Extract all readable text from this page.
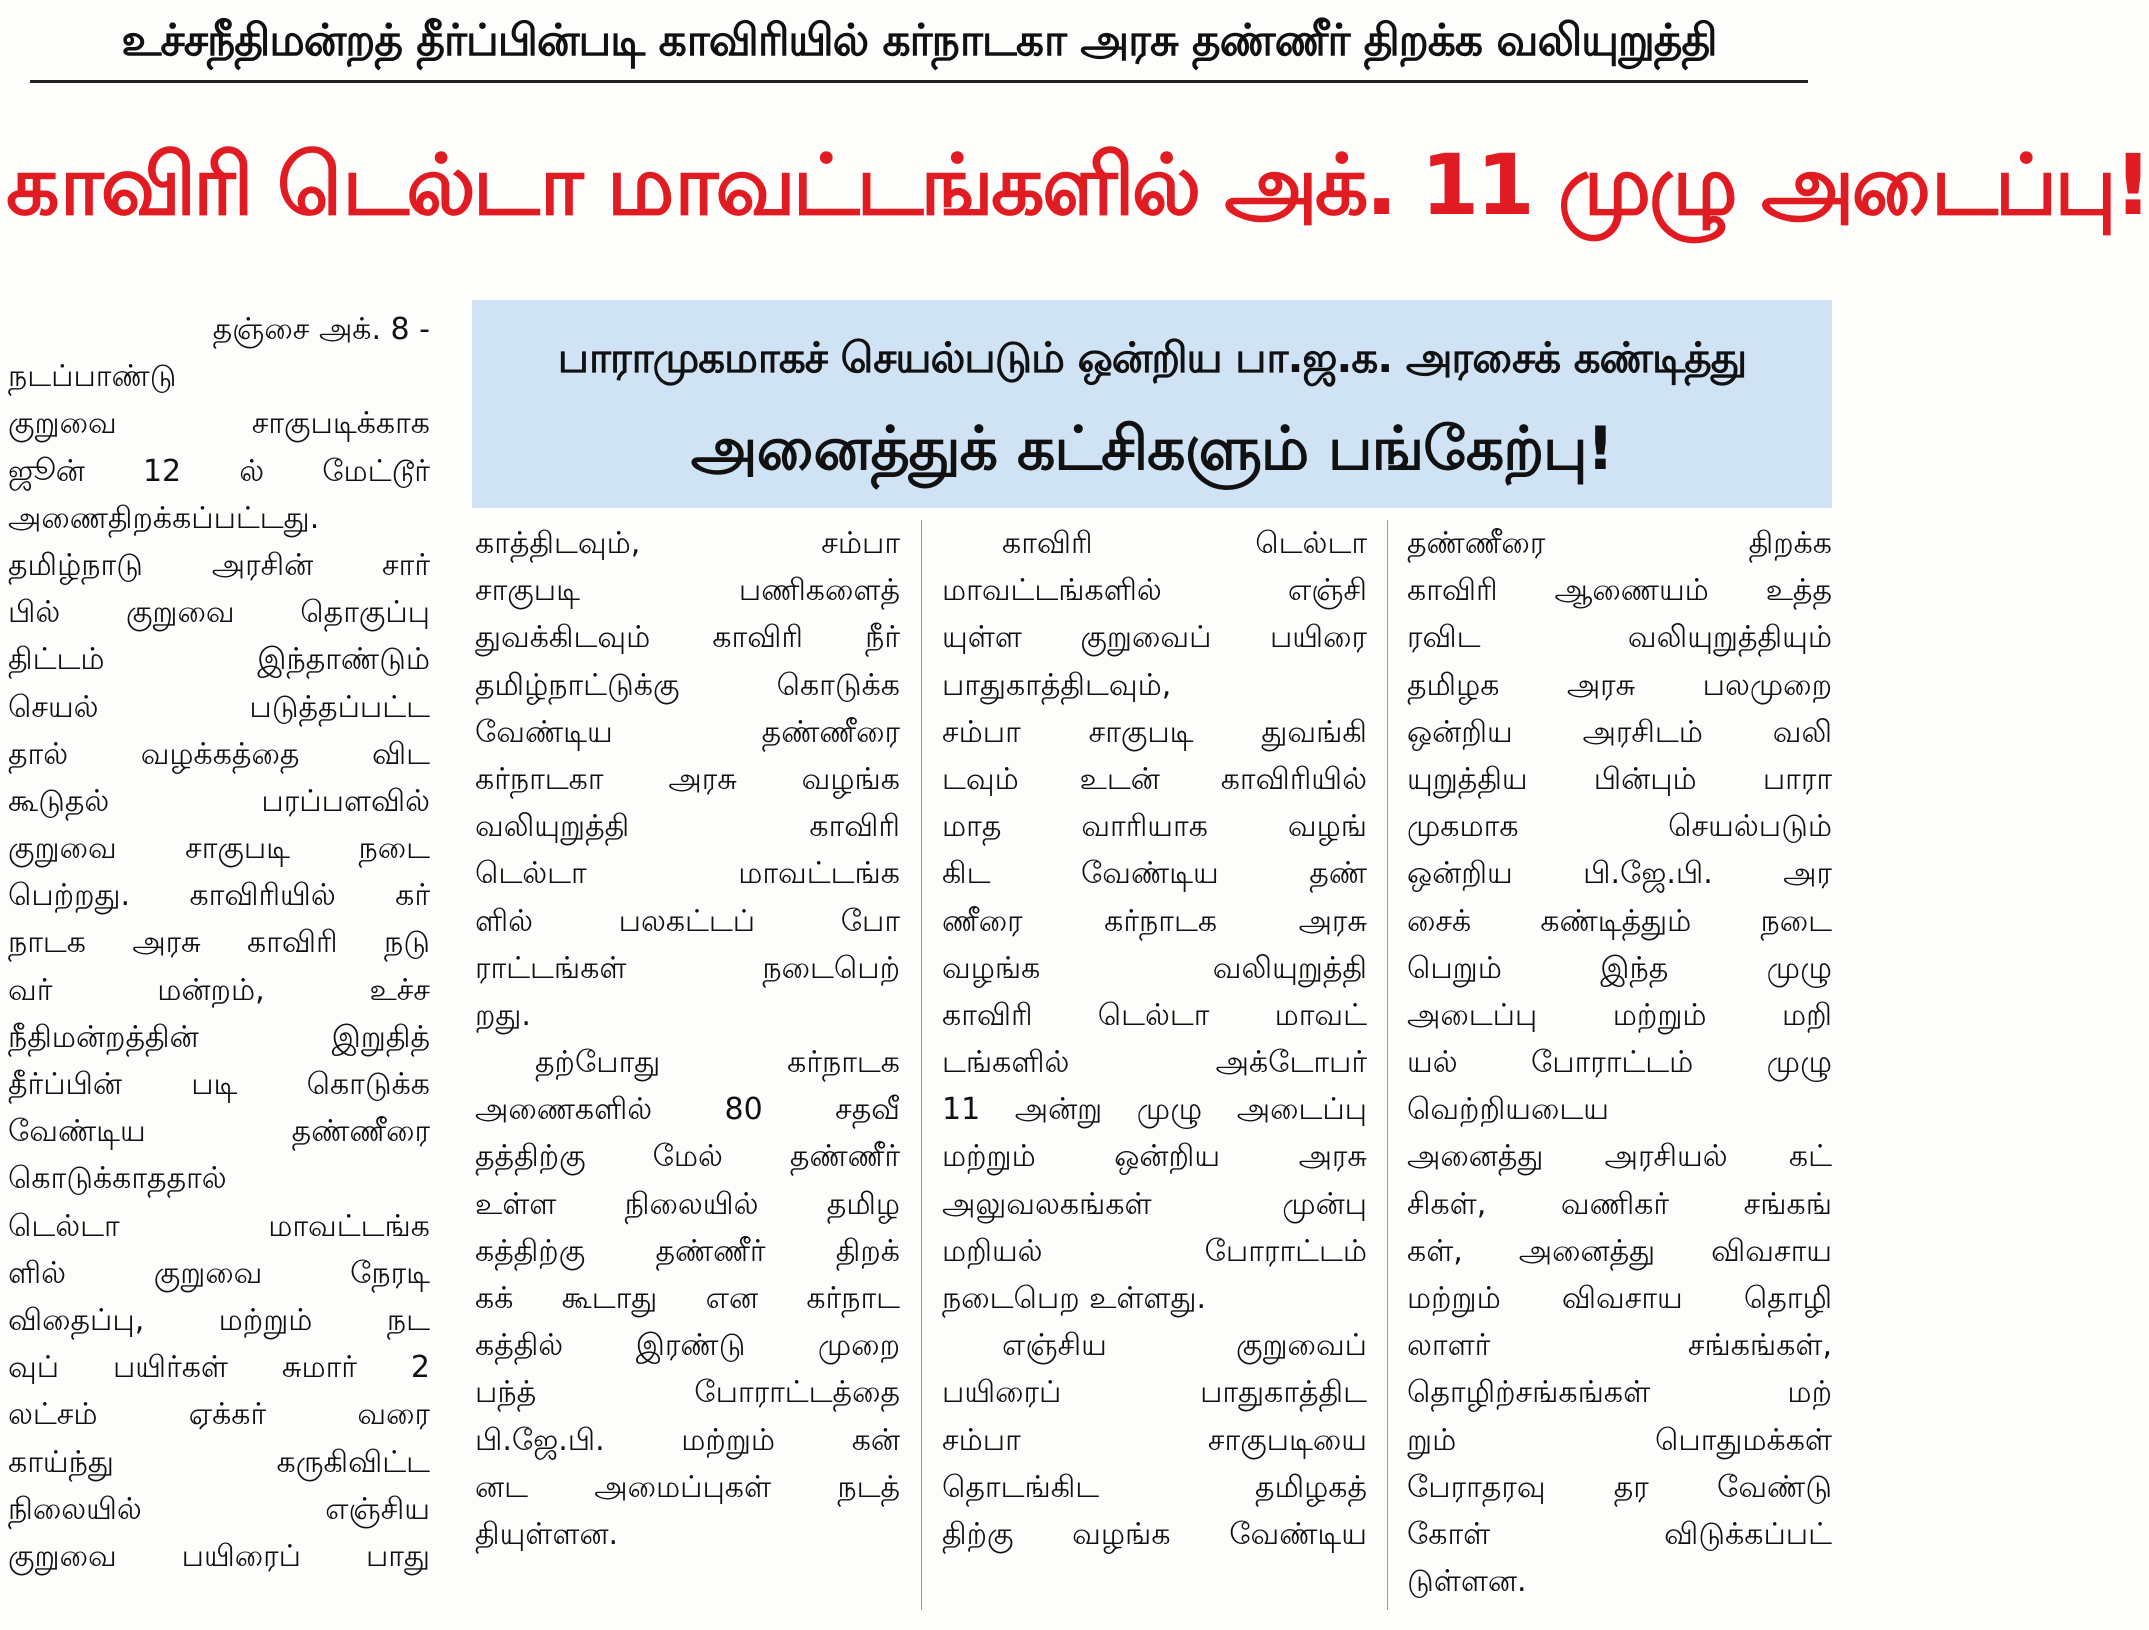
உச்சநீதிமன்றத் தீர்ப்பின்படி காவிரியில் கர்நாடகா அரசு தண்ணீர் திறக்க வலியுறுத்தி
காவிரி டெல்டா மாவட்டங்களில் அக். 11 முழு அடைப்பு!
பாராமுகமாகச் செயல்படும் ஒன்றிய பா.ஜ.க. அரசைக் கண்டித்து
அனைத்துக் கட்சிகளும் பங்கேற்பு!
தஞ்சை அக். 8 -
நடப்பாண்டு
குறுவை சாகுபடிக்காக
ஜூன் 12 ல் மேட்டூர்
அணைதிறக்கப்பட்டது.
தமிழ்நாடு அரசின் சார்
பில் குறுவை தொகுப்பு
திட்டம் இந்தாண்டும்
செயல் படுத்தப்பட்ட
தால் வழக்கத்தை விட
கூடுதல் பரப்பளவில்
குறுவை சாகுபடி நடை
பெற்றது. காவிரியில் கர்
நாடக அரசு காவிரி நடு
வர் மன்றம், உச்ச
நீதிமன்றத்தின் இறுதித்
தீர்ப்பின் படி கொடுக்க
வேண்டிய தண்ணீரை
கொடுக்காததால்
டெல்டா மாவட்டங்க
ளில் குறுவை நேரடி
விதைப்பு, மற்றும் நட
வுப் பயிர்கள் சுமார் 2
லட்சம் ஏக்கர் வரை
காய்ந்து கருகிவிட்ட
நிலையில் எஞ்சிய
குறுவை பயிரைப் பாது
காத்திடவும், சம்பா
சாகுபடி பணிகளைத்
துவக்கிடவும் காவிரி நீர்
தமிழ்நாட்டுக்கு கொடுக்க
வேண்டிய தண்ணீரை
கர்நாடகா அரசு வழங்க
வலியுறுத்தி காவிரி
டெல்டா மாவட்டங்க
ளில் பலகட்டப் போ
ராட்டங்கள் நடைபெற்
றது.
தற்போது கர்நாடக
அணைகளில் 80 சதவீ
தத்திற்கு மேல் தண்ணீர்
உள்ள நிலையில் தமிழ
கத்திற்கு தண்ணீர் திறக்
கக் கூடாது என கர்நாட
கத்தில் இரண்டு முறை
பந்த் போராட்டத்தை
பி.ஜே.பி. மற்றும் கன்
னட அமைப்புகள் நடத்
தியுள்ளன.
காவிரி டெல்டா
மாவட்டங்களில் எஞ்சி
யுள்ள குறுவைப் பயிரை
பாதுகாத்திடவும்,
சம்பா சாகுபடி துவங்கி
டவும் உடன் காவிரியில்
மாத வாரியாக வழங்
கிட வேண்டிய தண்
ணீரை கர்நாடக அரசு
வழங்க வலியுறுத்தி
காவிரி டெல்டா மாவட்
டங்களில் அக்டோபர்
11 அன்று முழு அடைப்பு
மற்றும் ஒன்றிய அரசு
அலுவலகங்கள் முன்பு
மறியல் போராட்டம்
நடைபெற உள்ளது.
எஞ்சிய குறுவைப்
பயிரைப் பாதுகாத்திட
சம்பா சாகுபடியை
தொடங்கிட தமிழகத்
திற்கு வழங்க வேண்டிய
தண்ணீரை திறக்க
காவிரி ஆணையம் உத்த
ரவிட வலியுறுத்தியும்
தமிழக அரசு பலமுறை
ஒன்றிய அரசிடம் வலி
யுறுத்திய பின்பும் பாரா
முகமாக செயல்படும்
ஒன்றிய பி.ஜே.பி. அர
சைக் கண்டித்தும் நடை
பெறும் இந்த முழு
அடைப்பு மற்றும் மறி
யல் போராட்டம் முழு
வெற்றியடைய
அனைத்து அரசியல் கட்
சிகள், வணிகர் சங்கங்
கள், அனைத்து விவசாய
மற்றும் விவசாய தொழி
லாளர் சங்கங்கள்,
தொழிற்சங்கங்கள் மற்
றும் பொதுமக்கள்
பேராதரவு தர வேண்டு
கோள் விடுக்கப்பட்
டுள்ளன.
